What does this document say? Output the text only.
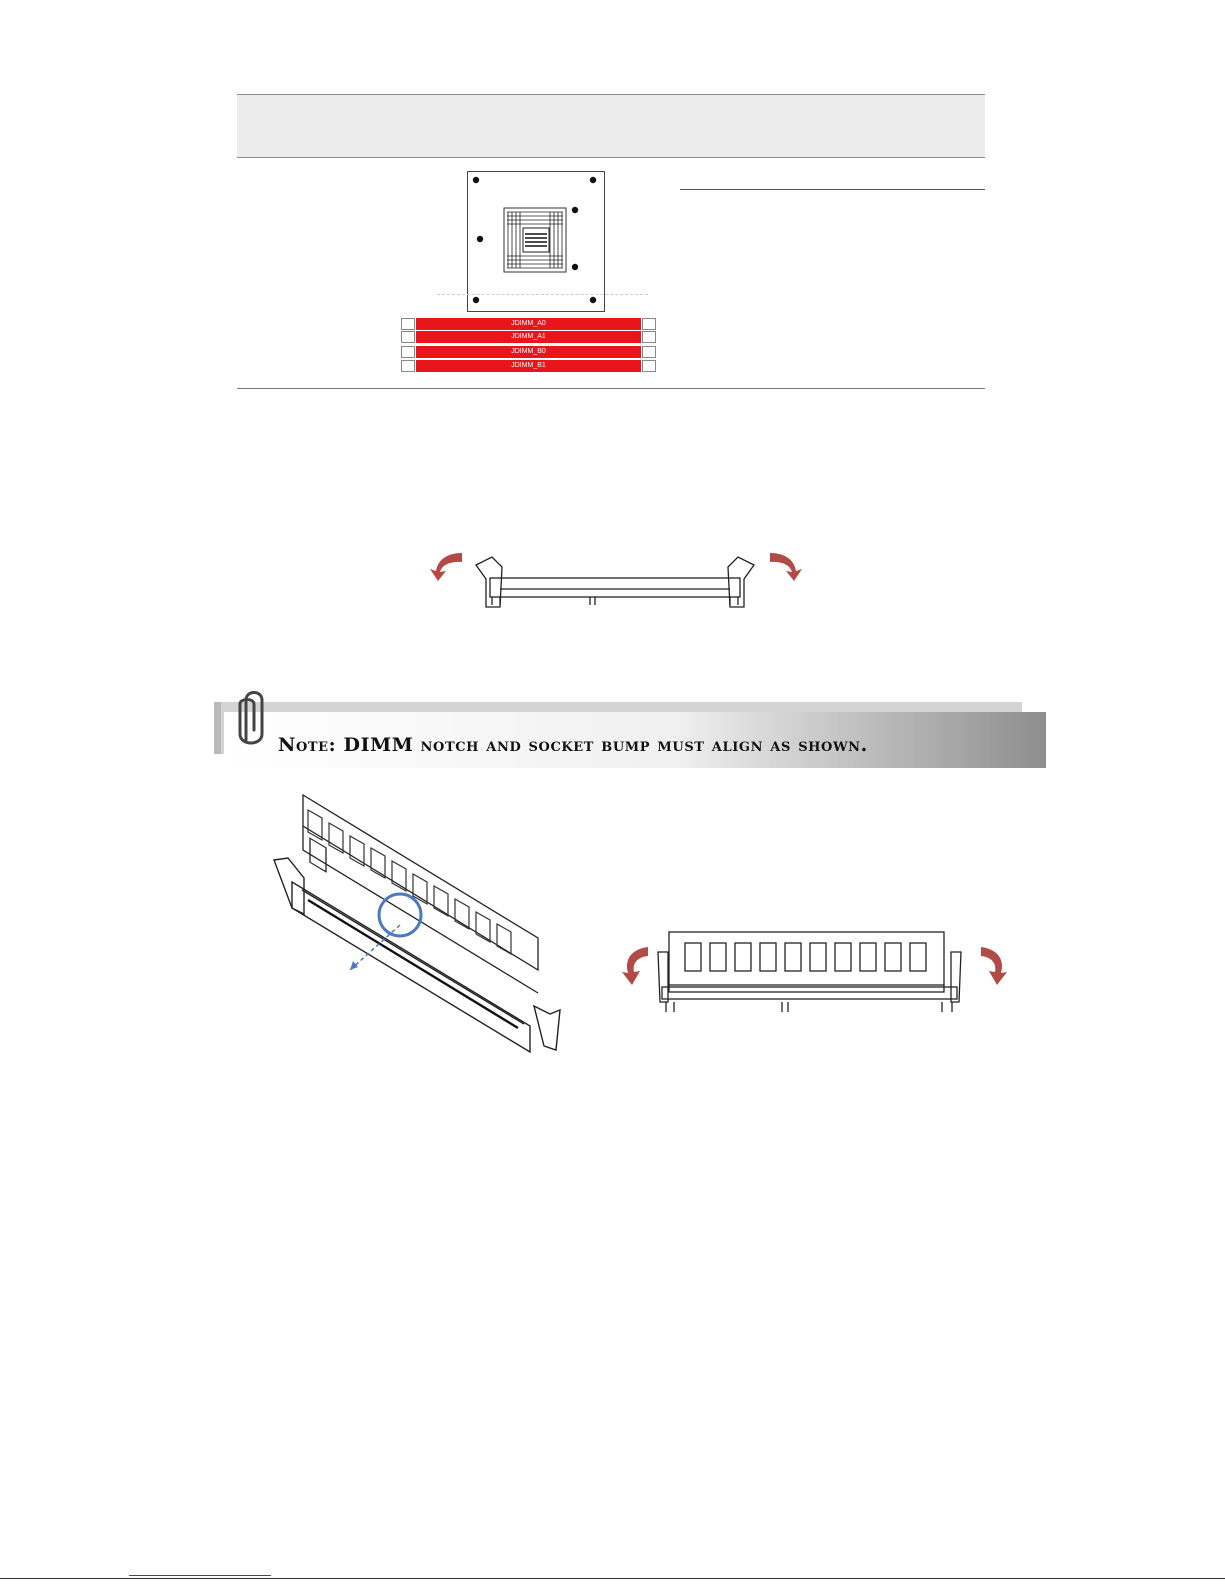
JDIMM_A0
JDIMM_A1
JDIMM_B0
JDIMM_B1
Note: DIMM notch and socket bump must align as shown.
